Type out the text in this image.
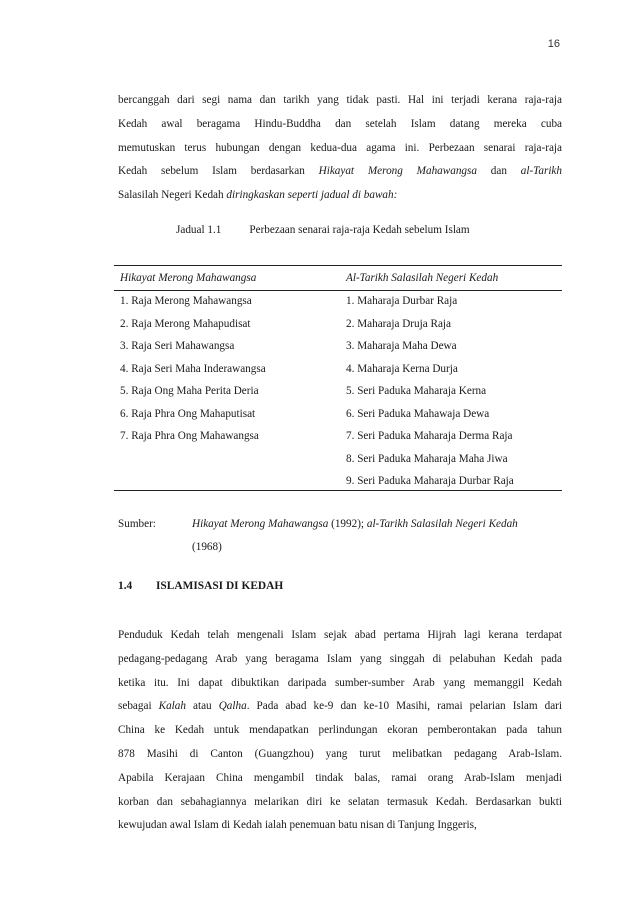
16
bercanggah dari segi nama dan tarikh yang tidak pasti. Hal ini terjadi kerana raja-raja
Kedah awal beragama Hindu-Buddha dan setelah Islam datang mereka cuba
memutuskan terus hubungan dengan kedua-dua agama ini. Perbezaan senarai raja-raja
Kedah sebelum Islam berdasarkan Hikayat Merong Mahawangsa dan al-Tarikh
Salasilah Negeri Kedah diringkaskan seperti jadual di bawah:
Jadual 1.1	Perbezaan senarai raja-raja Kedah sebelum Islam
Hikayat Merong Mahawangsa
1. Raja Merong Mahawangsa
2. Raja Merong Mahapudisat
3. Raja Seri Mahawangsa
4. Raja Seri Maha Inderawangsa
5. Raja Ong Maha Perita Deria
6. Raja Phra Ong Mahaputisat
7. Raja Phra Ong Mahawangsa
Al-Tarikh Salasilah Negeri Kedah
1. Maharaja Durbar Raja
2. Maharaja Druja Raja
3. Maharaja Maha Dewa
4. Maharaja Kerna Durja
5. Seri Paduka Maharaja Kerna
6. Seri Paduka Mahawaja Dewa
7. Seri Paduka Maharaja Derma Raja
8. Seri Paduka Maharaja Maha Jiwa
9. Seri Paduka Maharaja Durbar Raja
Sumber:	Hikayat Merong Mahawangsa (1992); al-Tarikh Salasilah Negeri Kedah
(1968)
1.4 ISLAMISASI DI KEDAH
Penduduk Kedah telah mengenali Islam sejak abad pertama Hijrah lagi kerana terdapat
pedagang-pedagang Arab yang beragama Islam yang singgah di pelabuhan Kedah pada
ketika itu. Ini dapat dibuktikan daripada sumber-sumber Arab yang memanggil Kedah
sebagai Kalah atau Qalha. Pada abad ke-9 dan ke-10 Masihi, ramai pelarian Islam dari
China ke Kedah untuk mendapatkan perlindungan ekoran pemberontakan pada tahun
878 Masihi di Canton (Guangzhou) yang turut melibatkan pedagang Arab-Islam.
Apabila Kerajaan China mengambil tindak balas, ramai orang Arab-Islam menjadi
korban dan sebahagiannya melarikan diri ke selatan termasuk Kedah. Berdasarkan bukti
kewujudan awal Islam di Kedah ialah penemuan batu nisan di Tanjung Inggeris,
